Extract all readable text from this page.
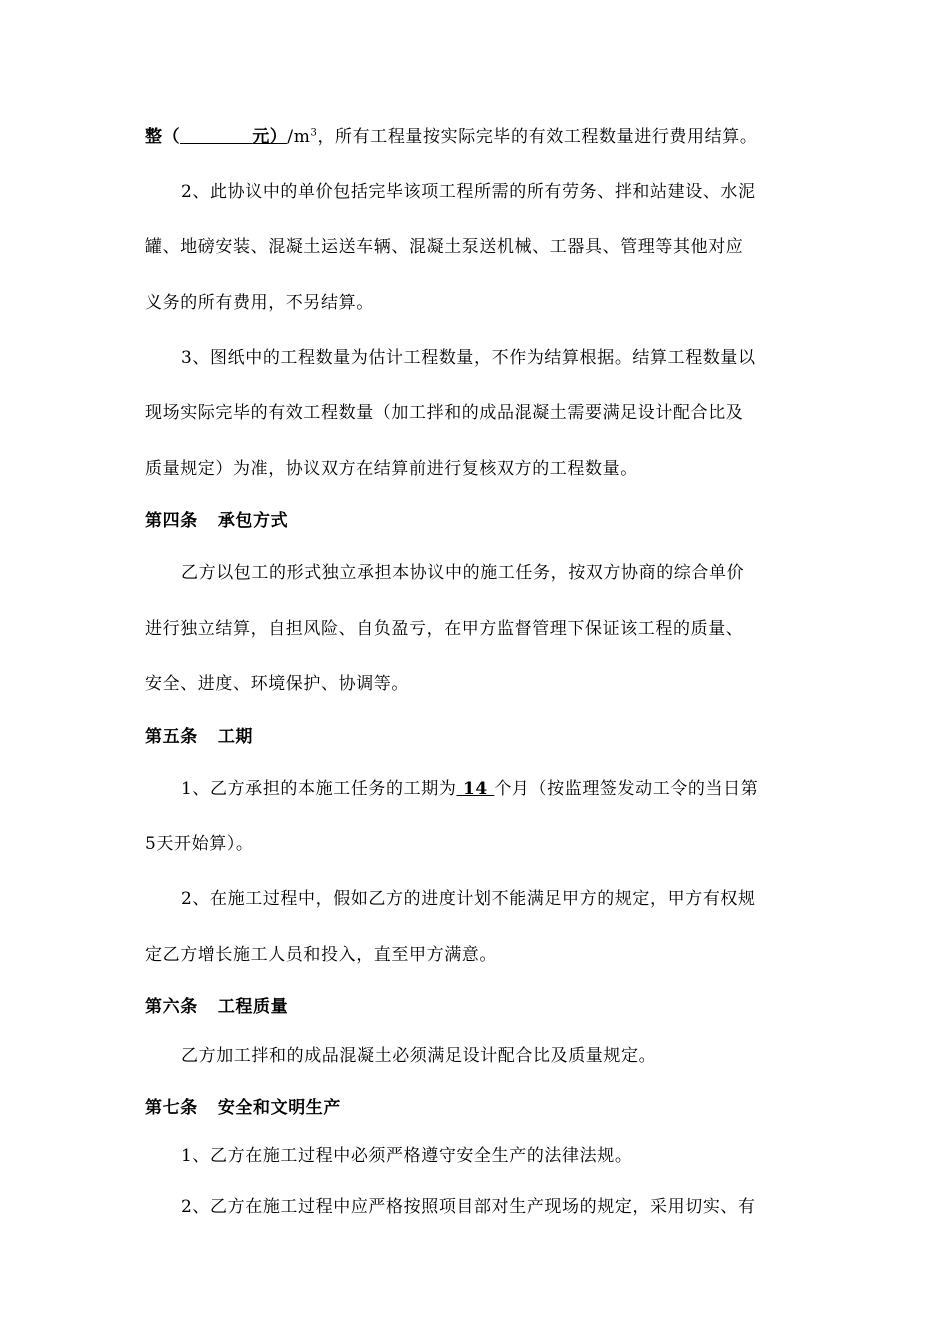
整（	元）$/m^3$，所有工程量按实际完毕的有效工程数量进行费用结算。
2、此协议中的单价包括完毕该项工程所需的所有劳务、拌和站建设、水泥
罐、地磅安装、混凝土运送车辆、混凝土泵送机械、工器具、管理等其他对应
义务的所有费用，不另结算。
3、图纸中的工程数量为估计工程数量，不作为结算根据。结算工程数量以
现场实际完毕的有效工程数量（加工拌和的成品混凝土需要满足设计配合比及
质量规定）为准，协议双方在结算前进行复核双方的工程数量。
第四条 承包方式
乙方以包工的形式独立承担本协议中的施工任务，按双方协商的综合单价
进行独立结算，自担风险、自负盈亏，在甲方监督管理下保证该工程的质量、
安全、进度、环境保护、协调等。
第五条 工期
1、乙方承担的本施工任务的工期为 14 个月（按监理签发动工令的当日第
5天开始算）。
2、在施工过程中，假如乙方的进度计划不能满足甲方的规定，甲方有权规
定乙方增长施工人员和投入，直至甲方满意。
第六条 工程质量
乙方加工拌和的成品混凝土必须满足设计配合比及质量规定。
第七条 安全和文明生产
1、乙方在施工过程中必须严格遵守安全生产的法律法规。
2、乙方在施工过程中应严格按照项目部对生产现场的规定，采用切实、有
